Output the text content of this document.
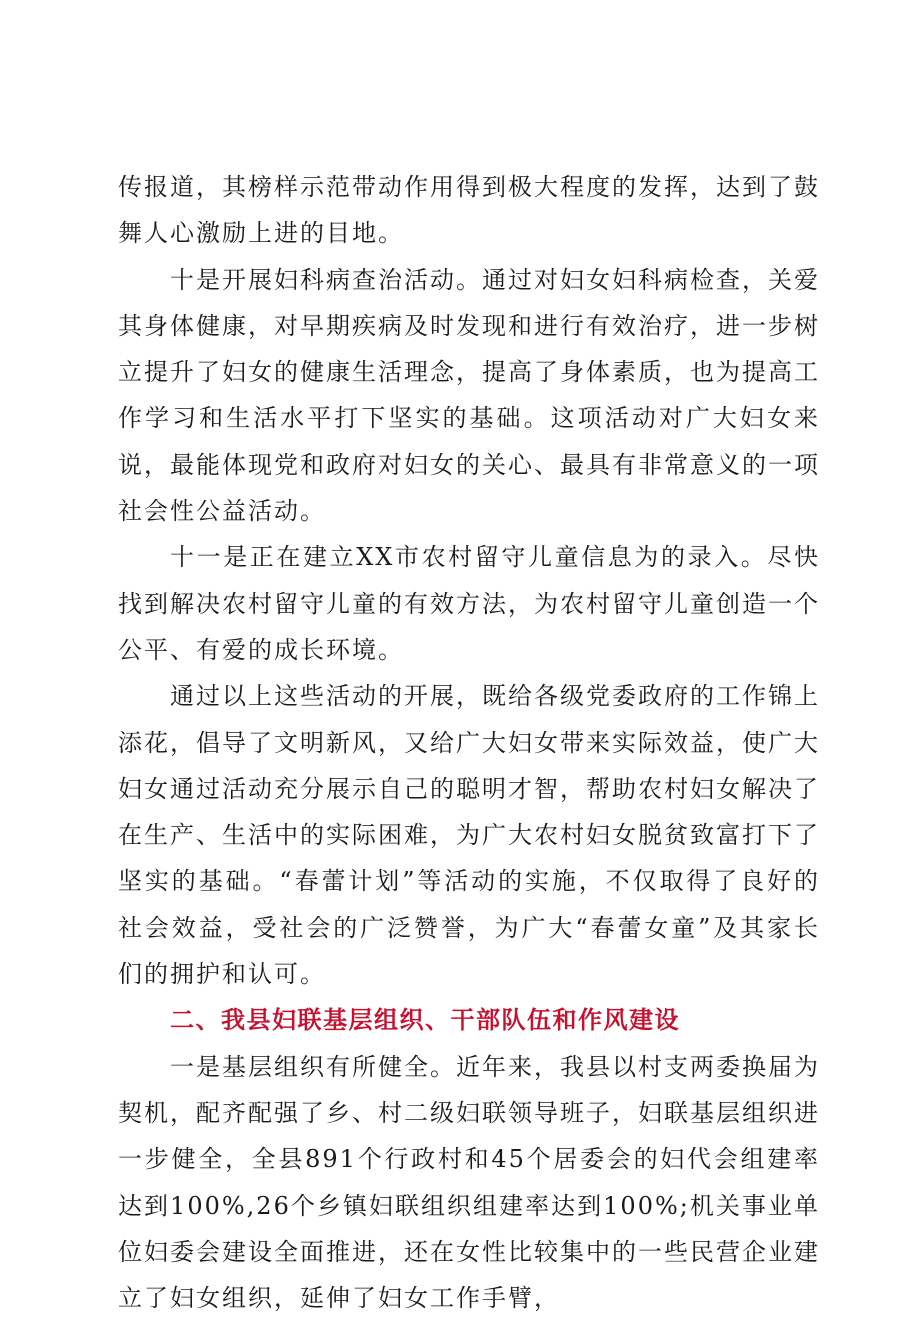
传报道，其榜样示范带动作用得到极大程度的发挥，达到了鼓舞人心激励上进的目地。

十是开展妇科病查治活动。通过对妇女妇科病检查，关爱其身体健康，对早期疾病及时发现和进行有效治疗，进一步树立提升了妇女的健康生活理念，提高了身体素质，也为提高工作学习和生活水平打下坚实的基础。这项活动对广大妇女来说，最能体现党和政府对妇女的关心、最具有非常意义的一项社会性公益活动。

十一是正在建立XX市农村留守儿童信息为的录入。尽快找到解决农村留守儿童的有效方法，为农村留守儿童创造一个公平、有爱的成长环境。

通过以上这些活动的开展，既给各级党委政府的工作锦上添花，倡导了文明新风，又给广大妇女带来实际效益，使广大妇女通过活动充分展示自己的聪明才智，帮助农村妇女解决了在生产、生活中的实际困难，为广大农村妇女脱贫致富打下了坚实的基础。“春蕾计划”等活动的实施，不仅取得了良好的社会效益，受社会的广泛赞誉，为广大“春蕾女童”及其家长们的拥护和认可。

二、我县妇联基层组织、干部队伍和作风建设

一是基层组织有所健全。近年来，我县以村支两委换届为契机，配齐配强了乡、村二级妇联领导班子，妇联基层组织进一步健全，全县891个行政村和45个居委会的妇代会组建率达到100%,26个乡镇妇联组织组建率达到100%;机关事业单位妇委会建设全面推进，还在女性比较集中的一些民营企业建立了妇女组织，延伸了妇女工作手臂，
